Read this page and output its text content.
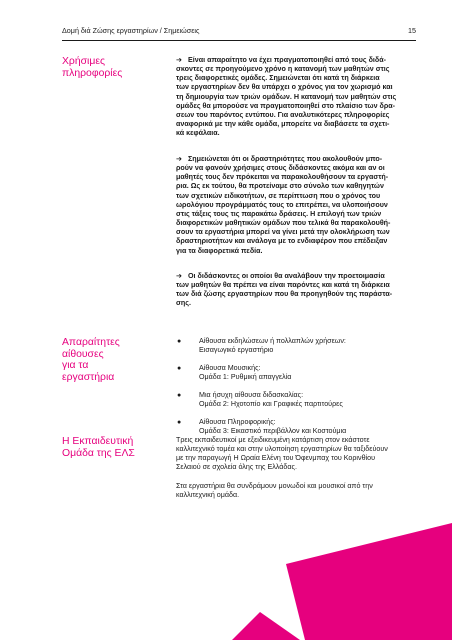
Δομή διά Ζώσης εργαστηρίων / Σημειώσεις	15
Χρήσιμες
πληροφορίες
➔ Είναι απαραίτητο να έχει πραγματοποιηθεί από τους διδά-
σκοντες σε προηγούμενο χρόνο η κατανομή των μαθητών στις
τρεις διαφορετικές ομάδες. Σημειώνεται ότι κατά τη διάρκεια
των εργαστηρίων δεν θα υπάρχει ο χρόνος για τον χωρισμό και
τη δημιουργία των τριών ομάδων. Η κατανομή των μαθητών στις
ομάδες θα μπορούσε να πραγματοποιηθεί στο πλαίσιο των δρα-
σεων του παρόντος εντύπου. Για αναλυτικότερες πληροφορίες
αναφορικά με την κάθε ομάδα, μπορείτε να διαβάσετε τα σχετι-
κά κεφάλαια.
➔ Σημειώνεται ότι οι δραστηριότητες που ακολουθούν μπο-
ρούν να φανούν χρήσιμες στους διδάσκοντες ακόμα και αν οι
μαθητές τους δεν πρόκειται να παρακολουθήσουν τα εργαστή-
ρια. Ως εκ τούτου, θα προτείναμε στο σύνολο των καθηγητών
των σχετικών ειδικοτήτων, σε περίπτωση που ο χρόνος του
ωρολόγιου προγράμματός τους το επιτρέπει, να υλοποιήσουν
στις τάξεις τους τις παρακάτω δράσεις. Η επιλογή των τριών
διαφορετικών μαθητικών ομάδων που τελικά θα παρακολουθή-
σουν τα εργαστήρια μπορεί να γίνει μετά την ολοκλήρωση των
δραστηριοτήτων και ανάλογα με το ενδιαφέρον που επέδειξαν
για τα διαφορετικά πεδία.
➔ Οι διδάσκοντες οι οποίοι θα αναλάβουν την προετοιμασία
των μαθητών θα πρέπει να είναι παρόντες και κατά τη διάρκεια
των διά ζώσης εργαστηρίων που θα προηγηθούν της παράστα-
σης.
Απαραίτητες
αίθουσες
για τα
εργαστήρια
● Αίθουσα εκδηλώσεων ή πολλαπλών χρήσεων:
Εισαγωγικό εργαστήριο
● Αίθουσα Μουσικής:
Ομάδα 1: Ρυθμική απαγγελία
● Μια ήσυχη αίθουσα διδασκαλίας:
Ομάδα 2: Ηχοτοπίο και Γραφικές παρτιτούρες
● Αίθουσα Πληροφορικής:
Ομάδα 3: Εικαστικό περιβάλλον και Κοστούμια
Η Εκπαιδευτική
Ομάδα της ΕΛΣ
Τρεις εκπαιδευτικοί με εξειδικευμένη κατάρτιση στον εκάστοτε
καλλιτεχνικό τομέα και στην υλοποίηση εργαστηρίων θα ταξιδεύουν
με την παραγωγή Η Ωραία Ελένη του Όφενμπαχ του Κορινθίου
Σελαιού σε σχολεία όλης της Ελλάδας.
Στα εργαστήρια θα συνδράμουν μονωδοί και μουσικοί από την
καλλιτεχνική ομάδα.
